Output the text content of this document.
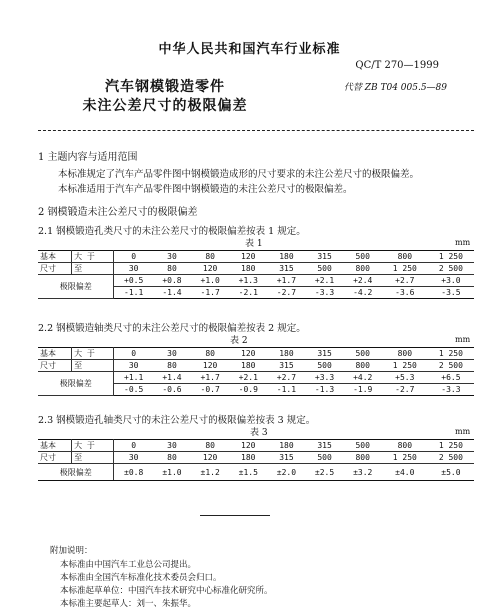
中华人民共和国汽车行业标准
QC/T 270—1999
汽车钢模锻造零件	代替 ZB T04 005.5—89
未注公差尺寸的极限偏差
1 主题内容与适用范围
本标准规定了汽车产品零件图中钢模锻造成形的尺寸要求的未注公差尺寸的极限偏差。
本标准适用于汽车产品零件图中钢模锻造的未注公差尺寸的极限偏差。
2 钢模锻造未注公差尺寸的极限偏差
2.1 钢模锻造孔类尺寸的未注公差尺寸的极限偏差按表 1 规定。
表 1	mm
基本	大 于	0	30	80	120	180	315	500	800	1 250
尺寸	至	30	80	120	180	315	500	800	1 250	2 500
极限偏差		+0.5	+0.8	+1.0	+1.3	+1.7	+2.1	+2.4	+2.7	+3.0
		-1.1	-1.4	-1.7	-2.1	-2.7	-3.3	-4.2	-3.6	-3.5
2.2 钢模锻造轴类尺寸的未注公差尺寸的极限偏差按表 2 规定。
表 2	mm
基本	大 于	0	30	80	120	180	315	500	800	1 250
尺寸	至	30	80	120	180	315	500	800	1 250	2 500
极限偏差		+1.1	+1.4	+1.7	+2.1	+2.7	+3.3	+4.2	+5.3	+6.5
		-0.5	-0.6	-0.7	-0.9	-1.1	-1.3	-1.9	-2.7	-3.3
2.3 钢模锻造孔轴类尺寸的未注公差尺寸的极限偏差按表 3 规定。
表 3	mm
基本	大 于	0	30	80	120	180	315	500	800	1 250
尺寸	至	30	80	120	180	315	500	800	1 250	2 500
极限偏差		±0.8	±1.0	±1.2	±1.5	±2.0	±2.5	±3.2	±4.0	±5.0
附加说明：
本标准由中国汽车工业总公司提出。
本标准由全国汽车标准化技术委员会归口。
本标准起草单位：中国汽车技术研究中心标准化研究所。
本标准主要起草人：刘一、朱振华。
